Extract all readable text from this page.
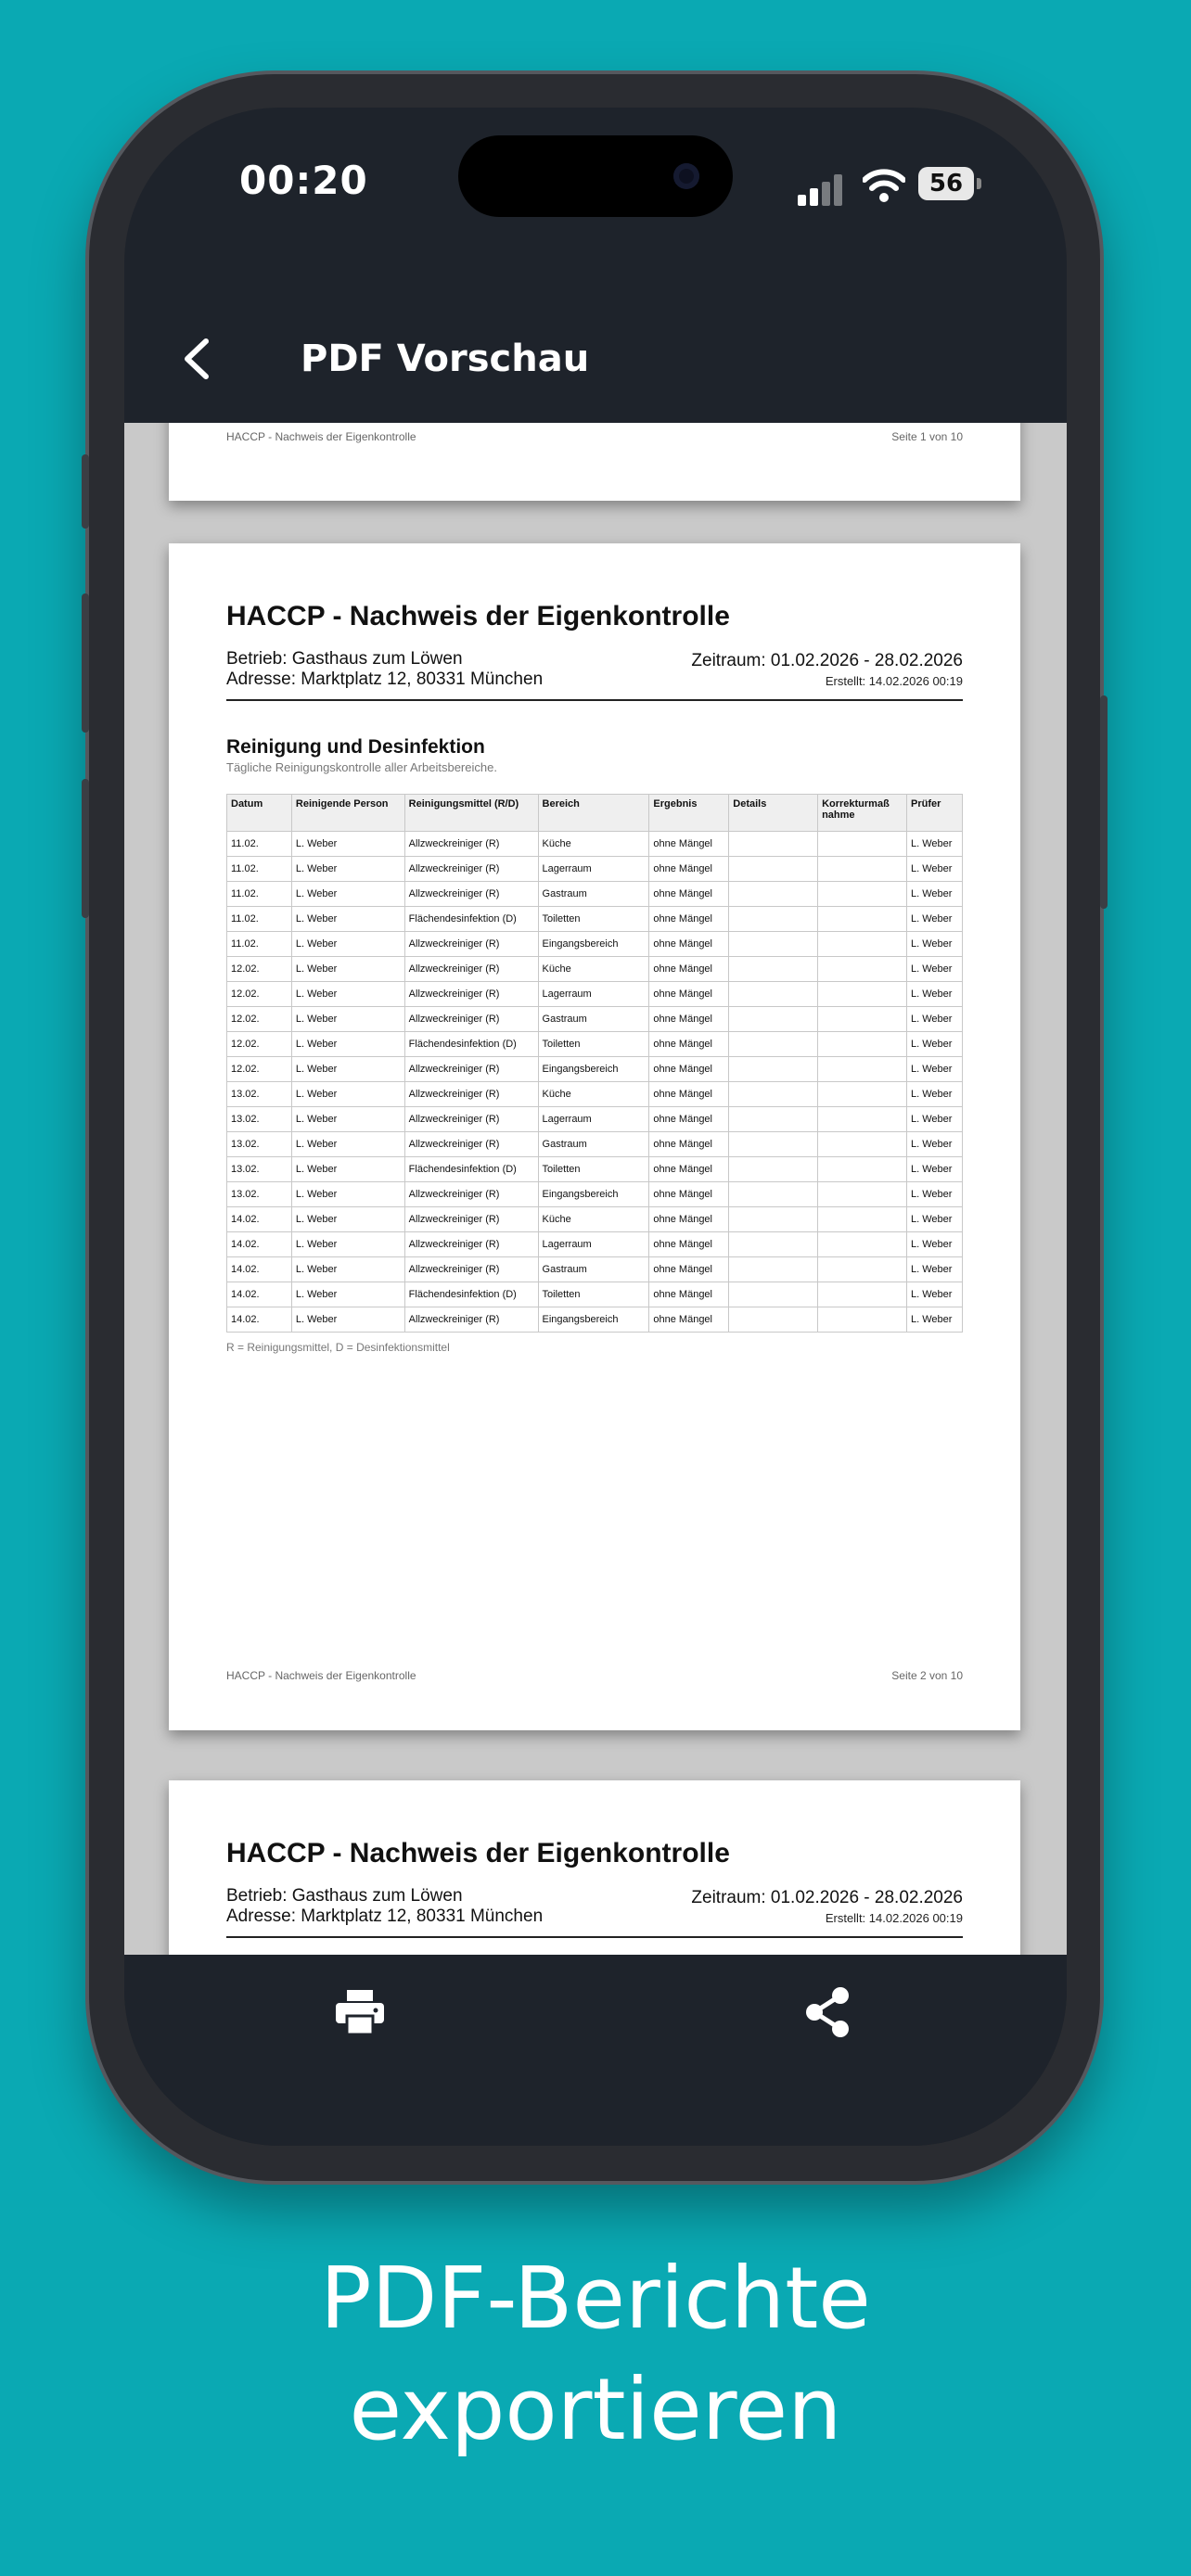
00:20	56
PDF Vorschau
HACCP - Nachweis der Eigenkontrolle	Seite 1 von 10
HACCP - Nachweis der Eigenkontrolle
Betrieb: Gasthaus zum Löwen
Adresse: Marktplatz 12, 80331 München
Zeitraum: 01.02.2026 - 28.02.2026
Erstellt: 14.02.2026 00:19
Reinigung und Desinfektion
Tägliche Reinigungskontrolle aller Arbeitsbereiche.
Datum	Reinigende Person	Reinigungsmittel (R/D)	Bereich	Ergebnis	Details	Korrekturmaß nahme	Prüfer
11.02.	L. Weber	Allzweckreiniger (R)	Küche	ohne Mängel			L. Weber
11.02.	L. Weber	Allzweckreiniger (R)	Lagerraum	ohne Mängel			L. Weber
11.02.	L. Weber	Allzweckreiniger (R)	Gastraum	ohne Mängel			L. Weber
11.02.	L. Weber	Flächendesinfektion (D)	Toiletten	ohne Mängel			L. Weber
11.02.	L. Weber	Allzweckreiniger (R)	Eingangsbereich	ohne Mängel			L. Weber
12.02.	L. Weber	Allzweckreiniger (R)	Küche	ohne Mängel			L. Weber
12.02.	L. Weber	Allzweckreiniger (R)	Lagerraum	ohne Mängel			L. Weber
12.02.	L. Weber	Allzweckreiniger (R)	Gastraum	ohne Mängel			L. Weber
12.02.	L. Weber	Flächendesinfektion (D)	Toiletten	ohne Mängel			L. Weber
12.02.	L. Weber	Allzweckreiniger (R)	Eingangsbereich	ohne Mängel			L. Weber
13.02.	L. Weber	Allzweckreiniger (R)	Küche	ohne Mängel			L. Weber
13.02.	L. Weber	Allzweckreiniger (R)	Lagerraum	ohne Mängel			L. Weber
13.02.	L. Weber	Allzweckreiniger (R)	Gastraum	ohne Mängel			L. Weber
13.02.	L. Weber	Flächendesinfektion (D)	Toiletten	ohne Mängel			L. Weber
13.02.	L. Weber	Allzweckreiniger (R)	Eingangsbereich	ohne Mängel			L. Weber
14.02.	L. Weber	Allzweckreiniger (R)	Küche	ohne Mängel			L. Weber
14.02.	L. Weber	Allzweckreiniger (R)	Lagerraum	ohne Mängel			L. Weber
14.02.	L. Weber	Allzweckreiniger (R)	Gastraum	ohne Mängel			L. Weber
14.02.	L. Weber	Flächendesinfektion (D)	Toiletten	ohne Mängel			L. Weber
14.02.	L. Weber	Allzweckreiniger (R)	Eingangsbereich	ohne Mängel			L. Weber
R = Reinigungsmittel, D = Desinfektionsmittel
HACCP - Nachweis der Eigenkontrolle	Seite 2 von 10
HACCP - Nachweis der Eigenkontrolle
Betrieb: Gasthaus zum Löwen
Adresse: Marktplatz 12, 80331 München
Zeitraum: 01.02.2026 - 28.02.2026
Erstellt: 14.02.2026 00:19
PDF-Berichte
exportieren
